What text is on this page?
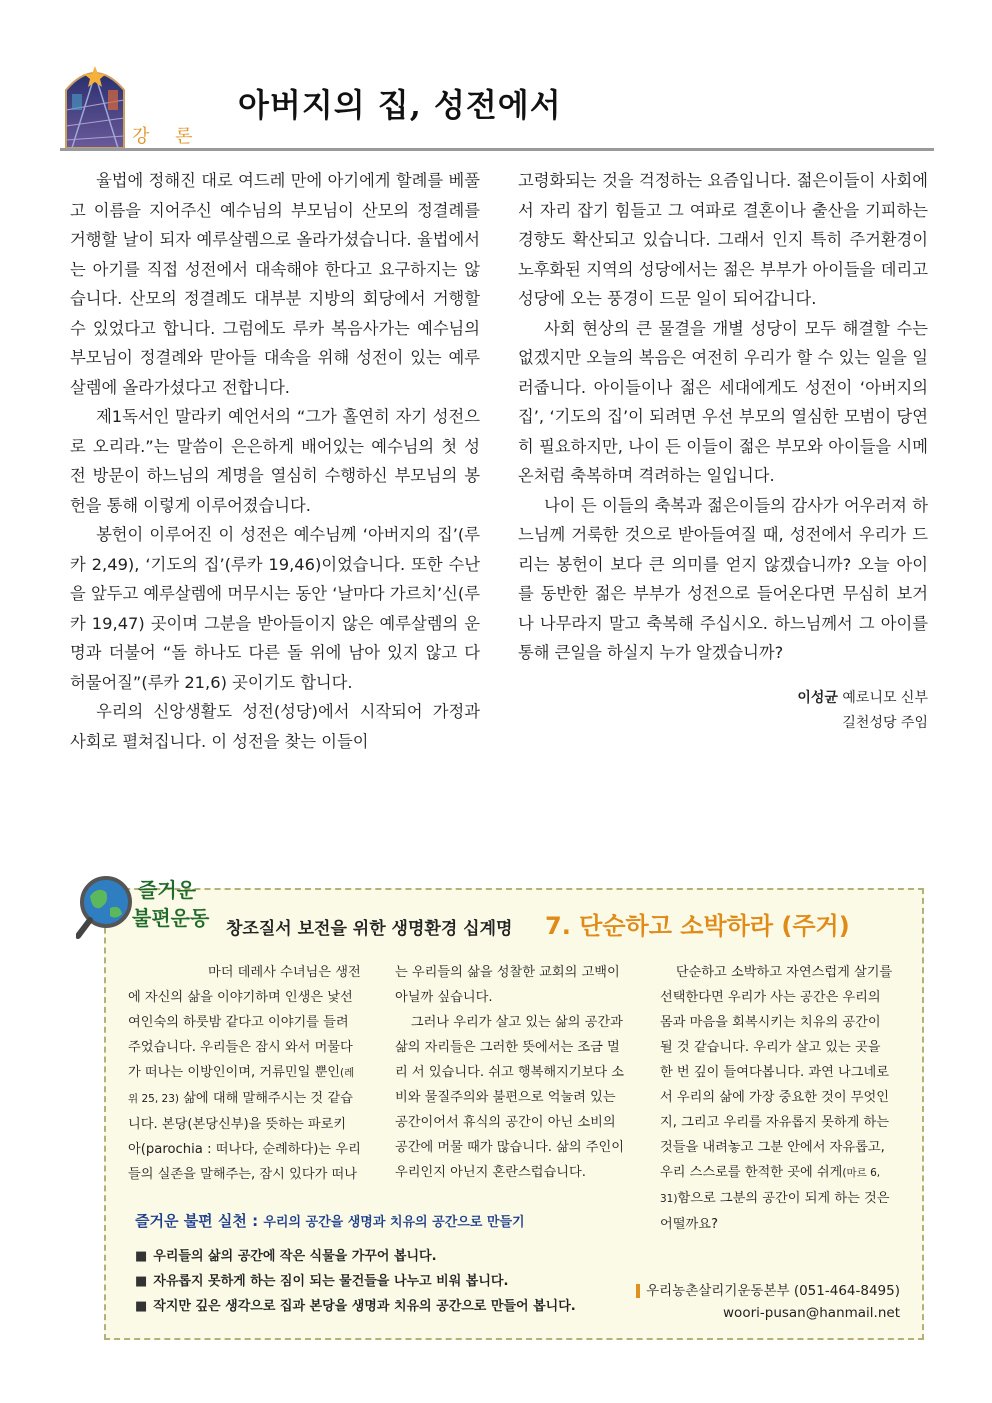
강 론
아버지의 집, 성전에서

율법에 정해진 대로 여드레 만에 아기에게 할례를 베풀고 이름을 지어주신 예수님의 부모님이 산모의 정결례를 거행할 날이 되자 예루살렘으로 올라가셨습니다. 율법에서는 아기를 직접 성전에서 대속해야 한다고 요구하지는 않습니다. 산모의 정결례도 대부분 지방의 회당에서 거행할 수 있었다고 합니다. 그럼에도 루카 복음사가는 예수님의 부모님이 정결례와 맏아들 대속을 위해 성전이 있는 예루살렘에 올라가셨다고 전합니다.

제1독서인 말라키 예언서의 “그가 홀연히 자기 성전으로 오리라.”는 말씀이 은은하게 배어있는 예수님의 첫 성전 방문이 하느님의 계명을 열심히 수행하신 부모님의 봉헌을 통해 이렇게 이루어졌습니다.

봉헌이 이루어진 이 성전은 예수님께 ‘아버지의 집’(루카 2,49), ‘기도의 집’(루카 19,46)이었습니다. 또한 수난을 앞두고 예루살렘에 머무시는 동안 ‘날마다 가르치’신(루카 19,47) 곳이며 그분을 받아들이지 않은 예루살렘의 운명과 더불어 “돌 하나도 다른 돌 위에 남아 있지 않고 다 허물어질”(루카 21,6) 곳이기도 합니다.

우리의 신앙생활도 성전(성당)에서 시작되어 가정과 사회로 펼쳐집니다. 이 성전을 찾는 이들이

고령화되는 것을 걱정하는 요즘입니다. 젊은이들이 사회에서 자리 잡기 힘들고 그 여파로 결혼이나 출산을 기피하는 경향도 확산되고 있습니다. 그래서 인지 특히 주거환경이 노후화된 지역의 성당에서는 젊은 부부가 아이들을 데리고 성당에 오는 풍경이 드문 일이 되어갑니다.

사회 현상의 큰 물결을 개별 성당이 모두 해결할 수는 없겠지만 오늘의 복음은 여전히 우리가 할 수 있는 일을 일러줍니다. 아이들이나 젊은 세대에게도 성전이 ‘아버지의 집’, ‘기도의 집’이 되려면 우선 부모의 열심한 모범이 당연히 필요하지만, 나이 든 이들이 젊은 부모와 아이들을 시메온처럼 축복하며 격려하는 일입니다.

나이 든 이들의 축복과 젊은이들의 감사가 어우러져 하느님께 거룩한 것으로 받아들여질 때, 성전에서 우리가 드리는 봉헌이 보다 큰 의미를 얻지 않겠습니까? 오늘 아이를 동반한 젊은 부부가 성전으로 들어온다면 무심히 보거나 나무라지 말고 축복해 주십시오. 하느님께서 그 아이를 통해 큰일을 하실지 누가 알겠습니까?

이성균 예로니모 신부
길천성당 주임
즐거운
불편운동 창조질서 보전을 위한 생명환경 십계명 7. 단순하고 소박하라 (주거)

마더 데레사 수녀님은 생전

에 자신의 삶을 이야기하며 인생은 낯선

여인숙의 하룻밤 같다고 이야기를 들려

주었습니다. 우리들은 잠시 와서 머물다

가 떠나는 이방인이며, 거류민일 뿐인(레

위 25, 23) 삶에 대해 말해주시는 것 같습

니다. 본당(본당신부)을 뜻하는 파로키

아(parochia : 떠나다, 순례하다)는 우리

들의 실존을 말해주는, 잠시 있다가 떠나

는 우리들의 삶을 성찰한 교회의 고백이

아닐까 싶습니다.

그러나 우리가 살고 있는 삶의 공간과

삶의 자리들은 그러한 뜻에서는 조금 멀

리 서 있습니다. 쉬고 행복해지기보다 소

비와 물질주의와 불편으로 억눌려 있는

공간이어서 휴식의 공간이 아닌 소비의

공간에 머물 때가 많습니다. 삶의 주인이

우리인지 아닌지 혼란스럽습니다.

단순하고 소박하고 자연스럽게 살기를

선택한다면 우리가 사는 공간은 우리의

몸과 마음을 회복시키는 치유의 공간이

될 것 같습니다. 우리가 살고 있는 곳을

한 번 깊이 들여다봅니다. 과연 나그네로

서 우리의 삶에 가장 중요한 것이 무엇인

지, 그리고 우리를 자유롭지 못하게 하는

것들을 내려놓고 그분 안에서 자유롭고,

우리 스스로를 한적한 곳에 쉬게(마르 6,

31)함으로 그분의 공간이 되게 하는 것은

어떨까요?

즐거운 불편 실천 : 우리의 공간을 생명과 치유의 공간으로 만들기
■ 우리들의 삶의 공간에 작은 식물을 가꾸어 봅니다.
■ 자유롭지 못하게 하는 짐이 되는 물건들을 나누고 비워 봅니다.
■ 작지만 깊은 생각으로 집과 본당을 생명과 치유의 공간으로 만들어 봅니다.
우리농촌살리기운동본부 (051-464-8495)
woori-pusan@hanmail.net
